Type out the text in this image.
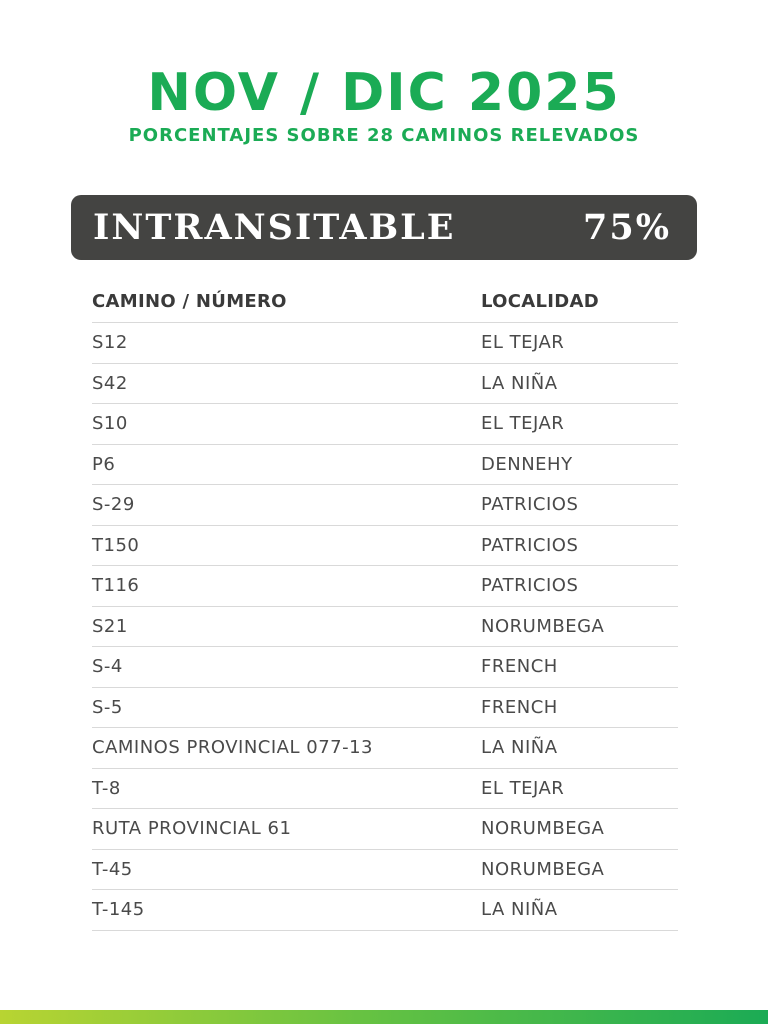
NOV / DIC 2025
PORCENTAJES SOBRE 28 CAMINOS RELEVADOS
INTRANSITABLE	75%
CAMINO / NÚMERO	LOCALIDAD
S12	EL TEJAR
S42	LA NIÑA
S10	EL TEJAR
P6	DENNEHY
S-29	PATRICIOS
T150	PATRICIOS
T116	PATRICIOS
S21	NORUMBEGA
S-4	FRENCH
S-5	FRENCH
CAMINOS PROVINCIAL 077-13	LA NIÑA
T-8	EL TEJAR
RUTA PROVINCIAL 61	NORUMBEGA
T-45	NORUMBEGA
T-145	LA NIÑA
